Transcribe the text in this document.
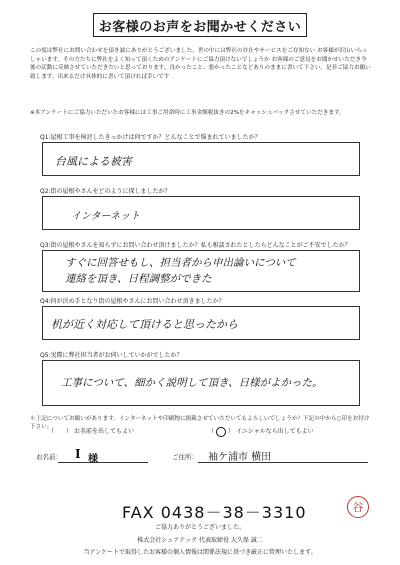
お客様のお声をお聞かせください
この度は弊社にお問い合わせを頂き誠にありがとうございました。世の中には弊社の存在やサービスをご存知ない お客様が沢山いらっしゃいます。その方たちに弊社をよく知って頂くためのアンケートにご協力頂けないでしょうか お客様のご意見をお聞かせいただき今後の活動に反映させていただきたいと思っております。良かったこと、悪かったことなどありのままに書いて下さい。是非ご協力お願い致します。出来るだけ具体的に書いて頂ければ幸いです
※本アンケートにご協力いただいたお客様には工事ご用命時に工事金額税抜きの2%をキャッシュバックさせていただきます。
Q1:屋根工事を検討したきっかけは何ですか？どんなことで悩まれていましたか？
台風による被害
Q2:街の屋根やさんをどのように探しましたか？
インターネット
Q3:街の屋根やさんを知らずにお問い合わせ頂けましたか？私も相談されたとしたらどんなことがご不安でしたか？
すぐに回答せもし、担当者から申出論いについて
連絡を頂き、日程調整ができた
Q4:何が決め手となり街の屋根やさんにお問い合わせ頂きましたか？
机が近く対応して頂けると思ったから
Q5:実際に弊社担当者がお伺いしていかがでしたか？
工事について、細かく説明して頂き、日様がよかった。
＊上記についてお願いがあります。インターネットや印刷物に掲載させていただいてもよろしいでしょうか？下記の中から○印をお付け下さい。
（ ） お名前を出してもよい	（ ） イニシャルなら出してもよい
お名前： I 様	ご住所： 袖ケ浦市 横田
FAX 0438－38－3310	谷
ご協力ありがとうございました。
株式会社シェアテック 代表取締役 大久保 誠二
当アンケートで取得したお客様の個人情報は関係法規に基づき厳正に管理いたします。
